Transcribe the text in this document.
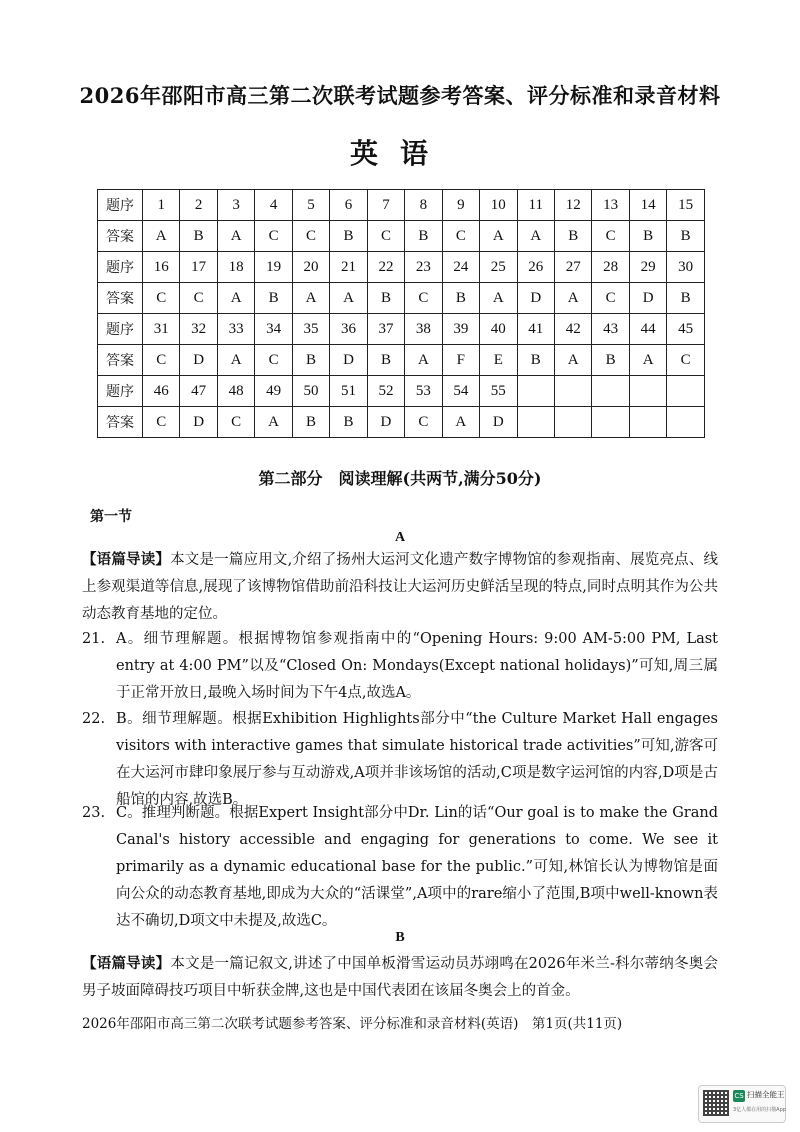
2026年邵阳市高三第二次联考试题参考答案、评分标准和录音材料
英语
题序	1	2	3	4	5	6	7	8	9	10	11	12	13	14	15
答案	A	B	A	C	C	B	C	B	C	A	A	B	C	B	B
题序	16	17	18	19	20	21	22	23	24	25	26	27	28	29	30
答案	C	C	A	B	A	A	B	C	B	A	D	A	C	D	B
题序	31	32	33	34	35	36	37	38	39	40	41	42	43	44	45
答案	C	D	A	C	B	D	B	A	F	E	B	A	B	A	C
题序	46	47	48	49	50	51	52	53	54	55					
答案	C	D	C	A	B	B	D	C	A	D					
第二部分　阅读理解(共两节,满分50分)
第一节
A
【语篇导读】本文是一篇应用文,介绍了扬州大运河文化遗产数字博物馆的参观指南、展览亮点、线上参观渠道等信息,展现了该博物馆借助前沿科技让大运河历史鲜活呈现的特点,同时点明其作为公共动态教育基地的定位。
21. A。细节理解题。根据博物馆参观指南中的“Opening Hours: 9:00 AM-5:00 PM, Last entry at 4:00 PM”以及“Closed On: Mondays(Except national holidays)”可知,周三属于正常开放日,最晚入场时间为下午4点,故选A。
22. B。细节理解题。根据Exhibition Highlights部分中“the Culture Market Hall engages visitors with interactive games that simulate historical trade activities”可知,游客可在大运河市肆印象展厅参与互动游戏,A项并非该场馆的活动,C项是数字运河馆的内容,D项是古船馆的内容,故选B。
23. C。推理判断题。根据Expert Insight部分中Dr. Lin的话“Our goal is to make the Grand Canal's history accessible and engaging for generations to come. We see it primarily as a dynamic educational base for the public.”可知,林馆长认为博物馆是面向公众的动态教育基地,即成为大众的“活课堂”,A项中的rare缩小了范围,B项中well-known表达不确切,D项文中未提及,故选C。
B
【语篇导读】本文是一篇记叙文,讲述了中国单板滑雪运动员苏翊鸣在2026年米兰-科尔蒂纳冬奥会男子坡面障碍技巧项目中斩获金牌,这也是中国代表团在该届冬奥会上的首金。
2026年邵阳市高三第二次联考试题参考答案、评分标准和录音材料(英语)　第1页(共11页)
CS 扫描全能王
3亿人都在用的扫描App
